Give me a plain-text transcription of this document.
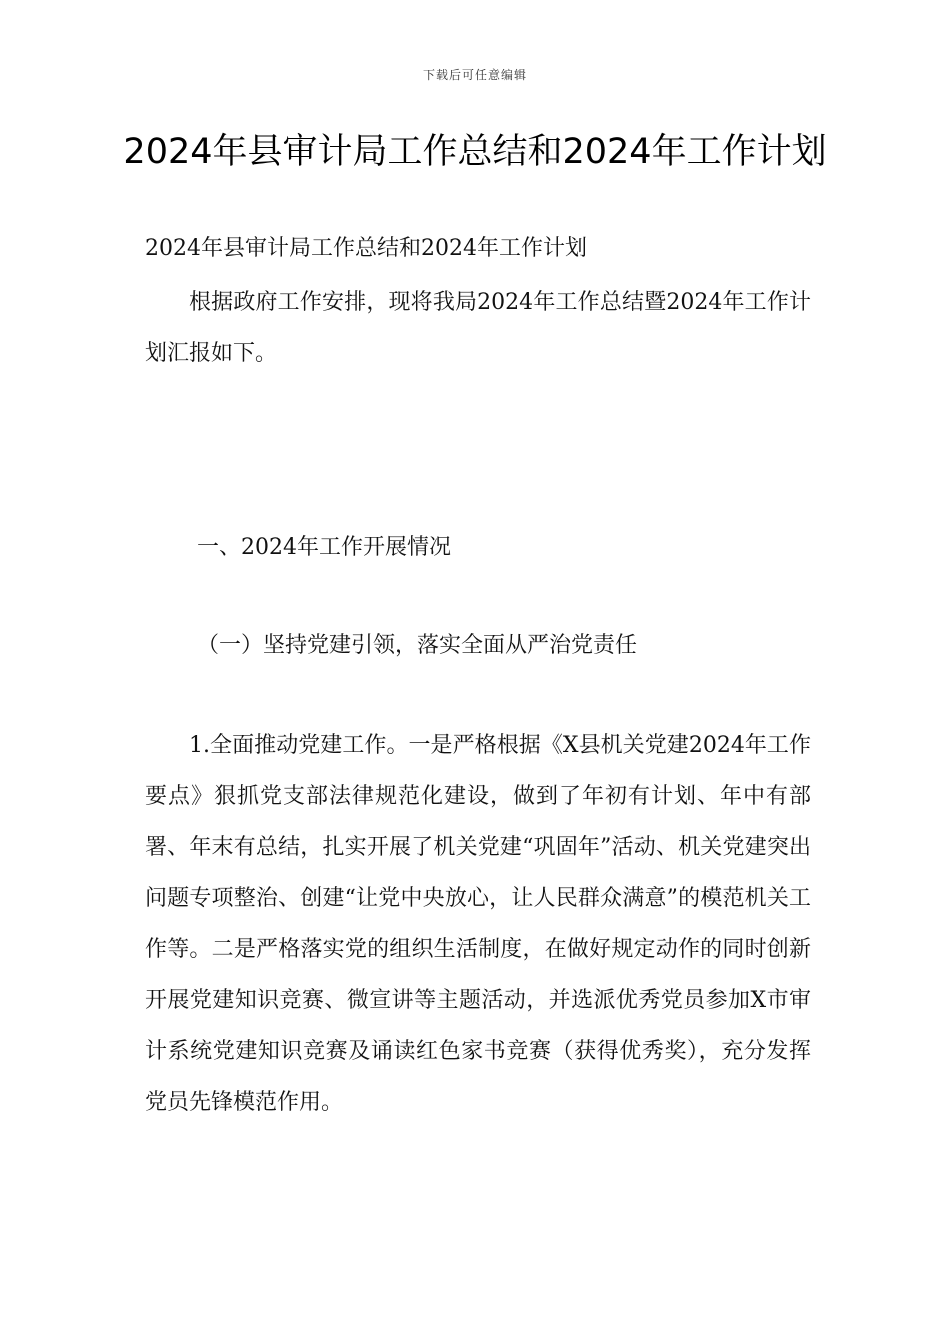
下载后可任意编辑
2024年县审计局工作总结和2024年工作计划

2024年县审计局工作总结和2024年工作计划

根据政府工作安排，现将我局2024年工作总结暨2024年工作计划汇报如下。

一、2024年工作开展情况
（一）坚持党建引领，落实全面从严治党责任

1.全面推动党建工作。一是严格根据《X县机关党建2024年工作要点》狠抓党支部法律规范化建设，做到了年初有计划、年中有部署、年末有总结，扎实开展了机关党建“巩固年”活动、机关党建突出问题专项整治、创建“让党中央放心，让人民群众满意”的模范机关工作等。二是严格落实党的组织生活制度，在做好规定动作的同时创新开展党建知识竞赛、微宣讲等主题活动，并选派优秀党员参加X市审计系统党建知识竞赛及诵读红色家书竞赛（获得优秀奖），充分发挥党员先锋模范作用。
